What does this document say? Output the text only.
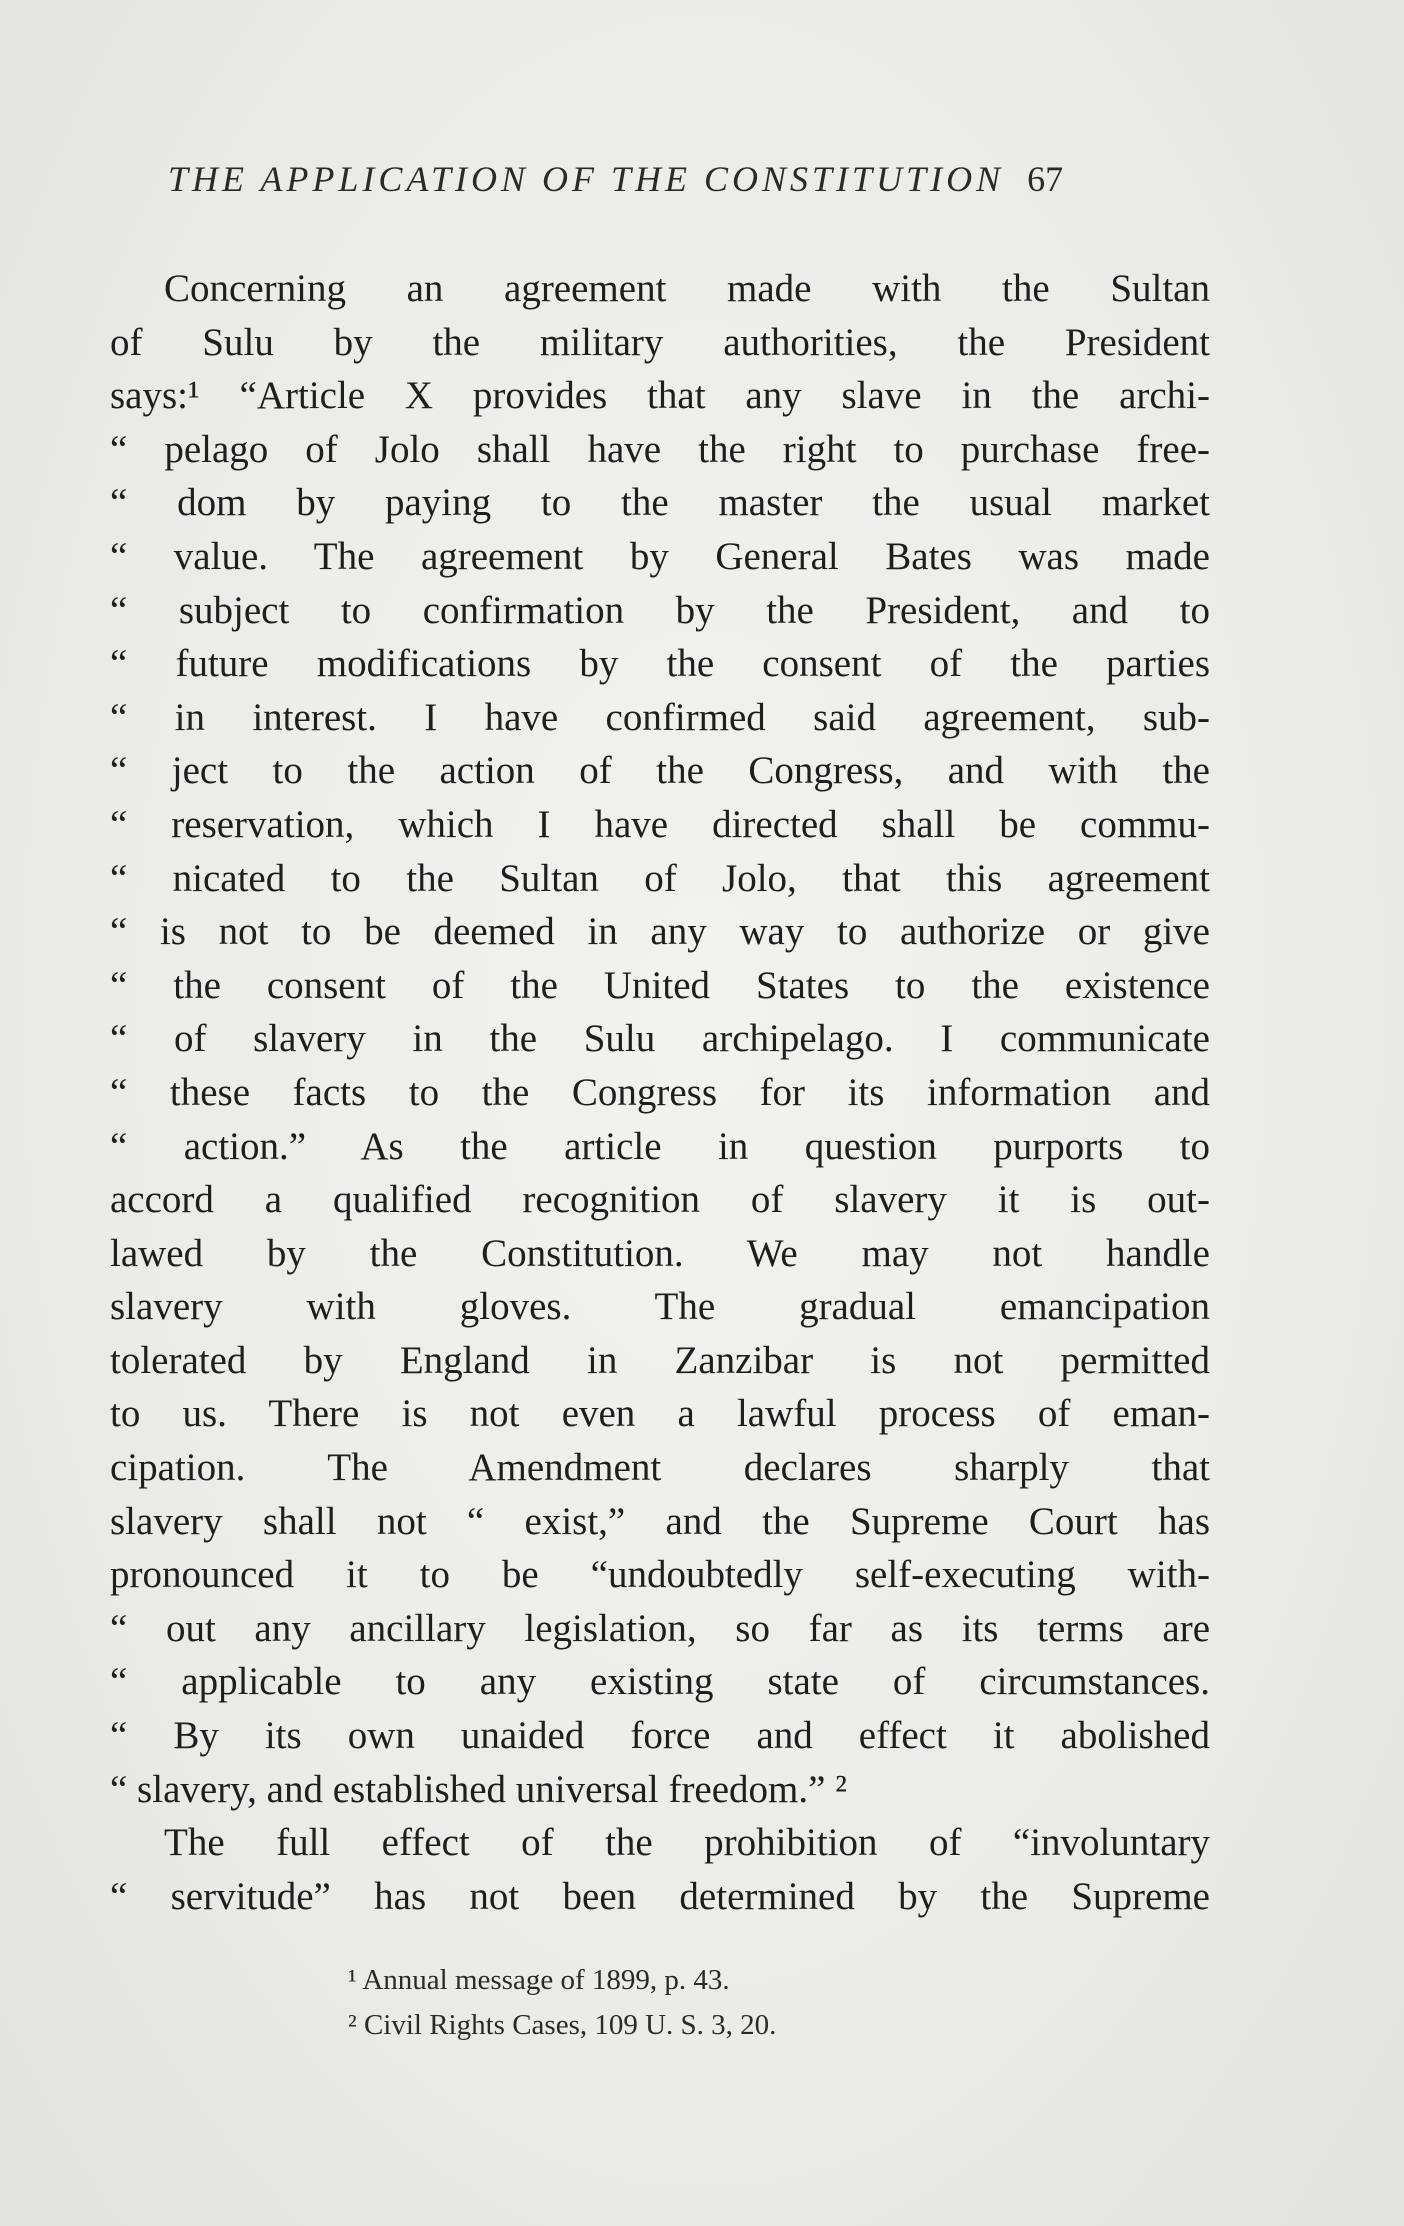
THE APPLICATION OF THE CONSTITUTION 67
Concerning an agreement made with the Sultan
of Sulu by the military authorities, the President
says:¹ “Article X provides that any slave in the archi-
“ pelago of Jolo shall have the right to purchase free-
“ dom by paying to the master the usual market
“ value. The agreement by General Bates was made
“ subject to confirmation by the President, and to
“ future modifications by the consent of the parties
“ in interest. I have confirmed said agreement, sub-
“ ject to the action of the Congress, and with the
“ reservation, which I have directed shall be commu-
“ nicated to the Sultan of Jolo, that this agreement
“ is not to be deemed in any way to authorize or give
“ the consent of the United States to the existence
“ of slavery in the Sulu archipelago. I communicate
“ these facts to the Congress for its information and
“ action.” As the article in question purports to
accord a qualified recognition of slavery it is out-
lawed by the Constitution. We may not handle
slavery with gloves. The gradual emancipation
tolerated by England in Zanzibar is not permitted
to us. There is not even a lawful process of eman-
cipation. The Amendment declares sharply that
slavery shall not “ exist,” and the Supreme Court has
pronounced it to be “undoubtedly self-executing with-
“ out any ancillary legislation, so far as its terms are
“ applicable to any existing state of circumstances.
“ By its own unaided force and effect it abolished
“ slavery, and established universal freedom.” ²
The full effect of the prohibition of “involuntary
“ servitude” has not been determined by the Supreme
¹ Annual message of 1899, p. 43.
² Civil Rights Cases, 109 U. S. 3, 20.
